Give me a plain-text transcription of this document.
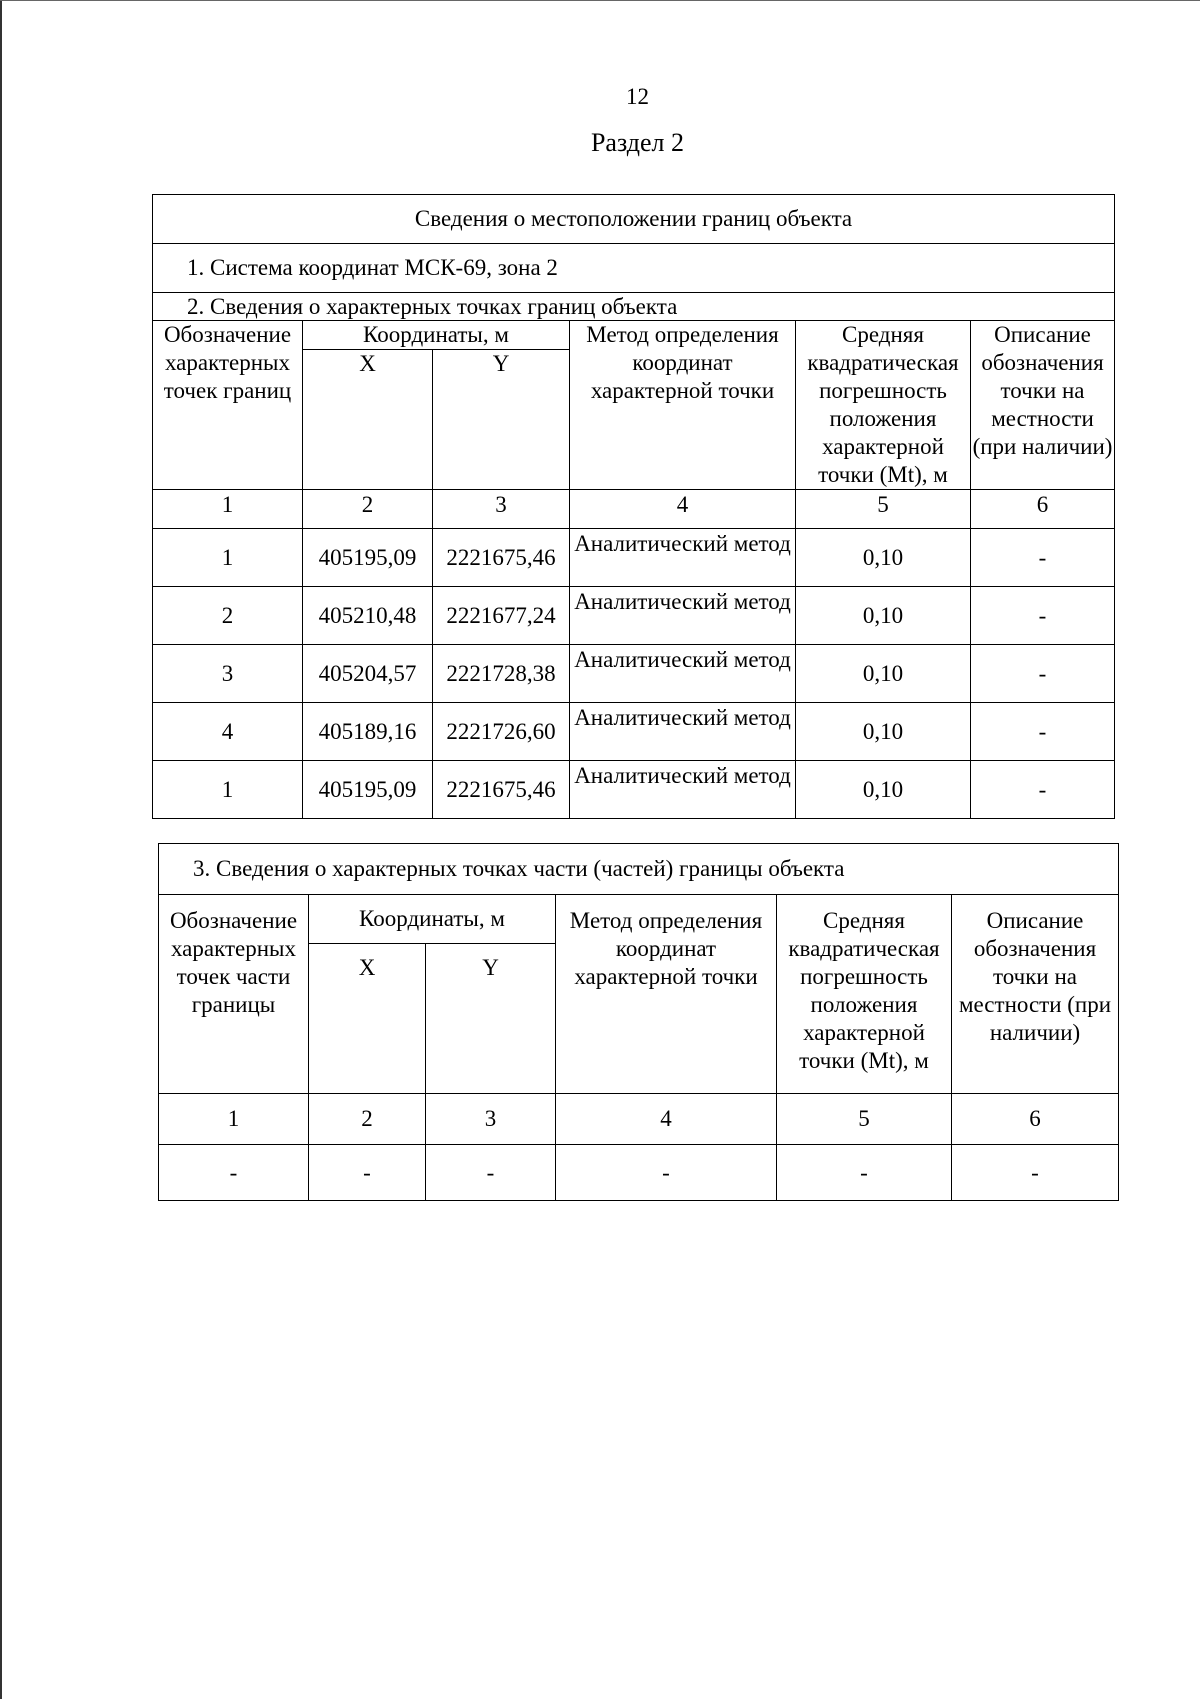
12
Раздел 2
Сведения о местоположении границ объекта					
1. Система координат МСК-69, зона 2					
2. Сведения о характерных точках границ объекта					
Обозначение характерных точек границ	Координаты, м		Метод определения координат характерной точки	Средняя квадратическая погрешность положения характерной точки (Mt), м	Описание обозначения точки на местности (при наличии)
	X	Y			
1	2	3	4	5	6
1	405195,09	2221675,46	Аналитический метод	0,10	-
2	405210,48	2221677,24	Аналитический метод	0,10	-
3	405204,57	2221728,38	Аналитический метод	0,10	-
4	405189,16	2221726,60	Аналитический метод	0,10	-
1	405195,09	2221675,46	Аналитический метод	0,10	-
3. Сведения о характерных точках части (частей) границы объекта					
Обозначение характерных точек части границы	Координаты, м		Метод определения координат характерной точки	Средняя квадратическая погрешность положения характерной точки (Mt), м	Описание обозначения точки на местности (при наличии)
	X	Y			
1	2	3	4	5	6
-	-	-	-	-	-
